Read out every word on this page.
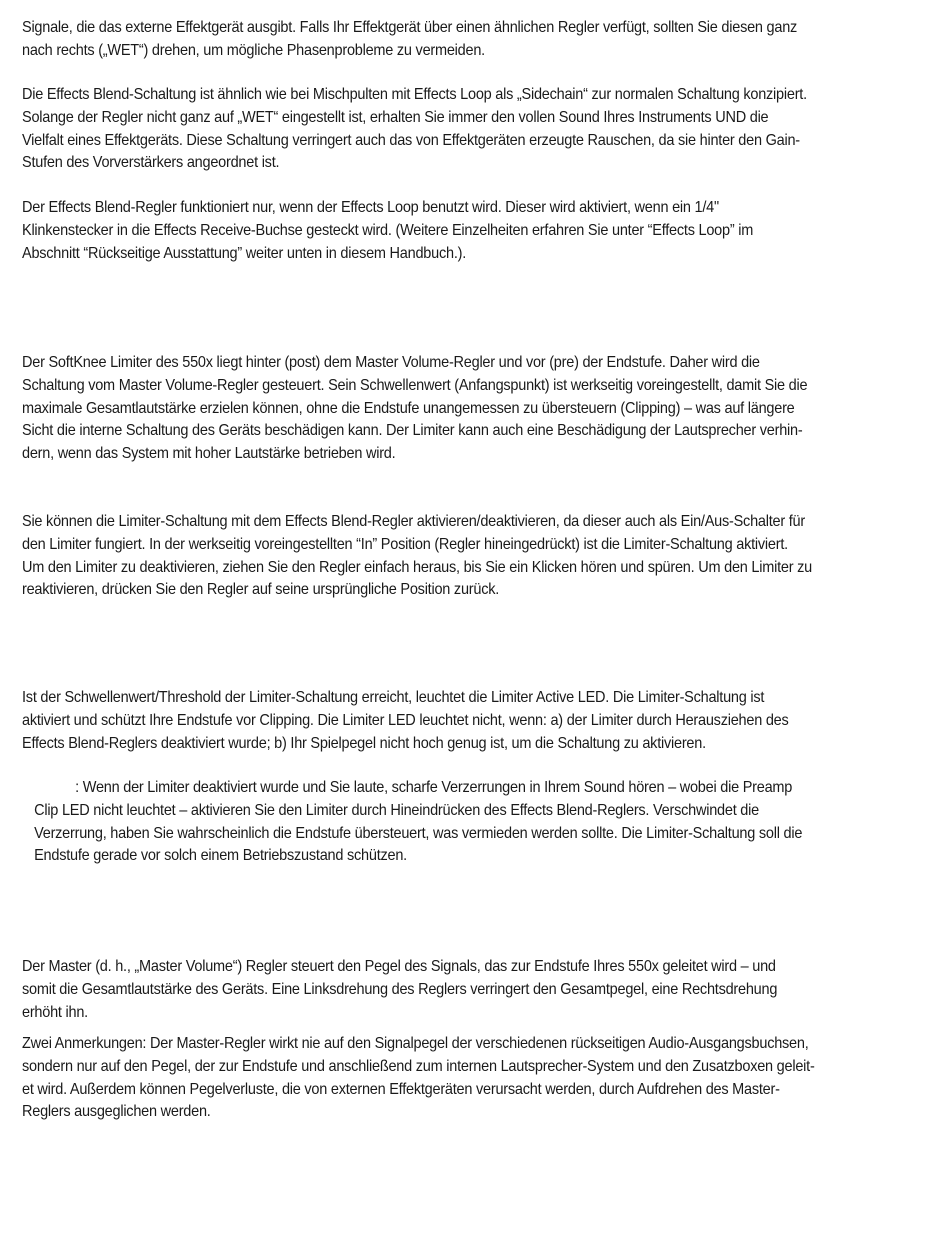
Signale, die das externe Effektgerät ausgibt. Falls Ihr Effektgerät über einen ähnlichen Regler verfügt, sollten Sie diesen ganz
nach rechts („WET“) drehen, um mögliche Phasenprobleme zu vermeiden.
Die Effects Blend-Schaltung ist ähnlich wie bei Mischpulten mit Effects Loop als „Sidechain“ zur normalen Schaltung konzipiert.
Solange der Regler nicht ganz auf „WET“ eingestellt ist, erhalten Sie immer den vollen Sound Ihres Instruments UND die
Vielfalt eines Effektgeräts. Diese Schaltung verringert auch das von Effektgeräten erzeugte Rauschen, da sie hinter den Gain-
Stufen des Vorverstärkers angeordnet ist.
Der Effects Blend-Regler funktioniert nur, wenn der Effects Loop benutzt wird. Dieser wird aktiviert, wenn ein 1/4"
Klinkenstecker in die Effects Receive-Buchse gesteckt wird. (Weitere Einzelheiten erfahren Sie unter “Effects Loop” im
Abschnitt “Rückseitige Ausstattung” weiter unten in diesem Handbuch.).
Der SoftKnee Limiter des 550x liegt hinter (post) dem Master Volume-Regler und vor (pre) der Endstufe. Daher wird die
Schaltung vom Master Volume-Regler gesteuert. Sein Schwellenwert (Anfangspunkt) ist werkseitig voreingestellt, damit Sie die
maximale Gesamtlautstärke erzielen können, ohne die Endstufe unangemessen zu übersteuern (Clipping) – was auf längere
Sicht die interne Schaltung des Geräts beschädigen kann. Der Limiter kann auch eine Beschädigung der Lautsprecher verhin-
dern, wenn das System mit hoher Lautstärke betrieben wird.
Sie können die Limiter-Schaltung mit dem Effects Blend-Regler aktivieren/deaktivieren, da dieser auch als Ein/Aus-Schalter für
den Limiter fungiert. In der werkseitig voreingestellten “In” Position (Regler hineingedrückt) ist die Limiter-Schaltung aktiviert.
Um den Limiter zu deaktivieren, ziehen Sie den Regler einfach heraus, bis Sie ein Klicken hören und spüren. Um den Limiter zu
reaktivieren, drücken Sie den Regler auf seine ursprüngliche Position zurück.
Ist der Schwellenwert/Threshold der Limiter-Schaltung erreicht, leuchtet die Limiter Active LED. Die Limiter-Schaltung ist
aktiviert und schützt Ihre Endstufe vor Clipping. Die Limiter LED leuchtet nicht, wenn: a) der Limiter durch Herausziehen des
Effects Blend-Reglers deaktiviert wurde; b) Ihr Spielpegel nicht hoch genug ist, um die Schaltung zu aktivieren.
: Wenn der Limiter deaktiviert wurde und Sie laute, scharfe Verzerrungen in Ihrem Sound hören – wobei die Preamp
Clip LED nicht leuchtet – aktivieren Sie den Limiter durch Hineindrücken des Effects Blend-Reglers. Verschwindet die
Verzerrung, haben Sie wahrscheinlich die Endstufe übersteuert, was vermieden werden sollte. Die Limiter-Schaltung soll die
Endstufe gerade vor solch einem Betriebszustand schützen.
Der Master (d. h., „Master Volume“) Regler steuert den Pegel des Signals, das zur Endstufe Ihres 550x geleitet wird – und
somit die Gesamtlautstärke des Geräts. Eine Linksdrehung des Reglers verringert den Gesamtpegel, eine Rechtsdrehung
erhöht ihn.
Zwei Anmerkungen: Der Master-Regler wirkt nie auf den Signalpegel der verschiedenen rückseitigen Audio-Ausgangsbuchsen,
sondern nur auf den Pegel, der zur Endstufe und anschließend zum internen Lautsprecher-System und den Zusatzboxen geleit-
et wird. Außerdem können Pegelverluste, die von externen Effektgeräten verursacht werden, durch Aufdrehen des Master-
Reglers ausgeglichen werden.
